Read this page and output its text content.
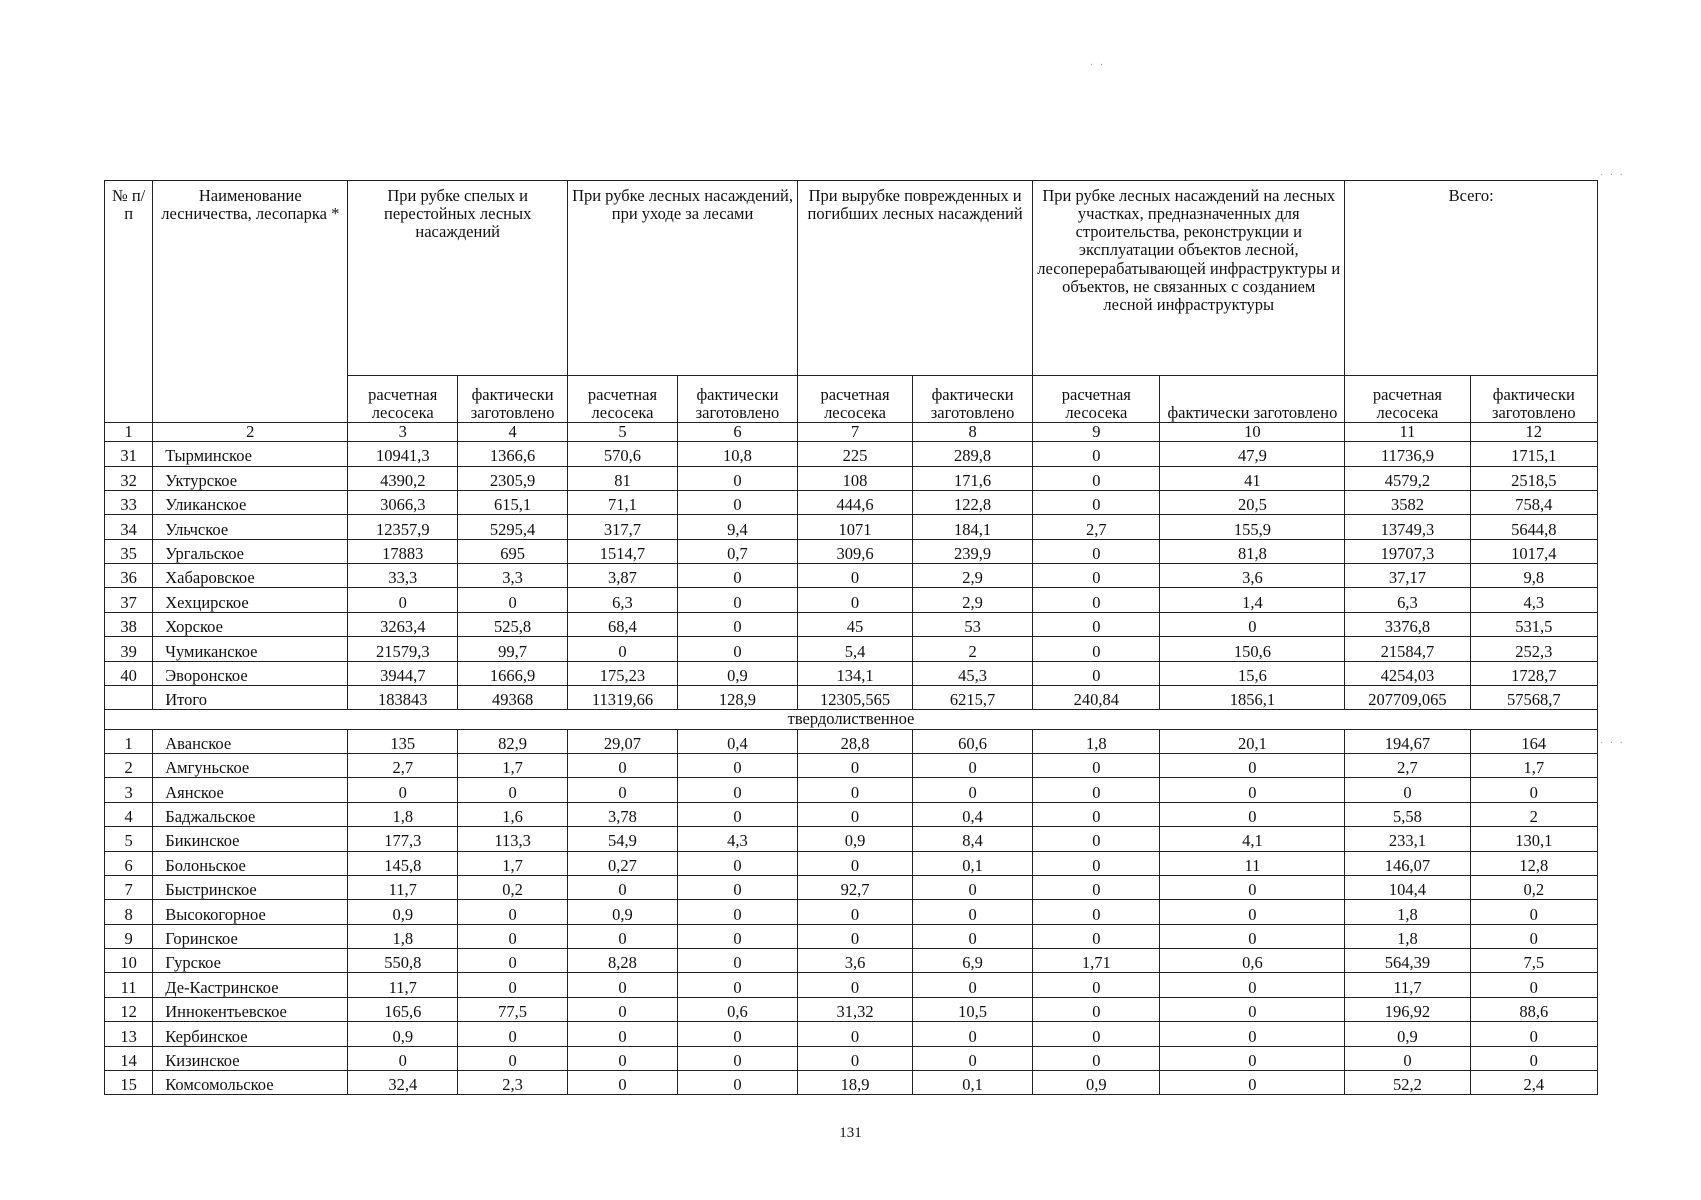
· ·
· · ·
· · ·
№ п/п	Наименование лесничества, лесопарка *	При рубке спелых и перестойных лесных насаждений		При рубке лесных насаждений, при уходе за лесами		При вырубке поврежденных и погибших лесных насаждений		При рубке лесных насаждений на лесных участках, предназначенных для строительства, реконструкции и эксплуатации объектов лесной, лесоперерабатывающей инфраструктуры и объектов, не связанных с созданием лесной инфраструктуры		Всего:	
		расчетная лесосека	фактически заготовлено	расчетная лесосека	фактически заготовлено	расчетная лесосека	фактически заготовлено	расчетная лесосека	фактически заготовлено	расчетная лесосека	фактически заготовлено
1	2	3	4	5	6	7	8	9	10	11	12
31	Тырминское	10941,3	1366,6	570,6	10,8	225	289,8	0	47,9	11736,9	1715,1
32	Уктурское	4390,2	2305,9	81	0	108	171,6	0	41	4579,2	2518,5
33	Уликанское	3066,3	615,1	71,1	0	444,6	122,8	0	20,5	3582	758,4
34	Ульчское	12357,9	5295,4	317,7	9,4	1071	184,1	2,7	155,9	13749,3	5644,8
35	Ургальское	17883	695	1514,7	0,7	309,6	239,9	0	81,8	19707,3	1017,4
36	Хабаровское	33,3	3,3	3,87	0	0	2,9	0	3,6	37,17	9,8
37	Хехцирское	0	0	6,3	0	0	2,9	0	1,4	6,3	4,3
38	Хорское	3263,4	525,8	68,4	0	45	53	0	0	3376,8	531,5
39	Чумиканское	21579,3	99,7	0	0	5,4	2	0	150,6	21584,7	252,3
40	Эворонское	3944,7	1666,9	175,23	0,9	134,1	45,3	0	15,6	4254,03	1728,7
	Итого	183843	49368	11319,66	128,9	12305,565	6215,7	240,84	1856,1	207709,065	57568,7
твердолиственное											
1	Аванское	135	82,9	29,07	0,4	28,8	60,6	1,8	20,1	194,67	164
2	Амгуньское	2,7	1,7	0	0	0	0	0	0	2,7	1,7
3	Аянское	0	0	0	0	0	0	0	0	0	0
4	Баджальское	1,8	1,6	3,78	0	0	0,4	0	0	5,58	2
5	Бикинское	177,3	113,3	54,9	4,3	0,9	8,4	0	4,1	233,1	130,1
6	Болоньское	145,8	1,7	0,27	0	0	0,1	0	11	146,07	12,8
7	Быстринское	11,7	0,2	0	0	92,7	0	0	0	104,4	0,2
8	Высокогорное	0,9	0	0,9	0	0	0	0	0	1,8	0
9	Горинское	1,8	0	0	0	0	0	0	0	1,8	0
10	Гурское	550,8	0	8,28	0	3,6	6,9	1,71	0,6	564,39	7,5
11	Де-Кастринское	11,7	0	0	0	0	0	0	0	11,7	0
12	Иннокентьевское	165,6	77,5	0	0,6	31,32	10,5	0	0	196,92	88,6
13	Кербинское	0,9	0	0	0	0	0	0	0	0,9	0
14	Кизинское	0	0	0	0	0	0	0	0	0	0
15	Комсомольское	32,4	2,3	0	0	18,9	0,1	0,9	0	52,2	2,4
131
